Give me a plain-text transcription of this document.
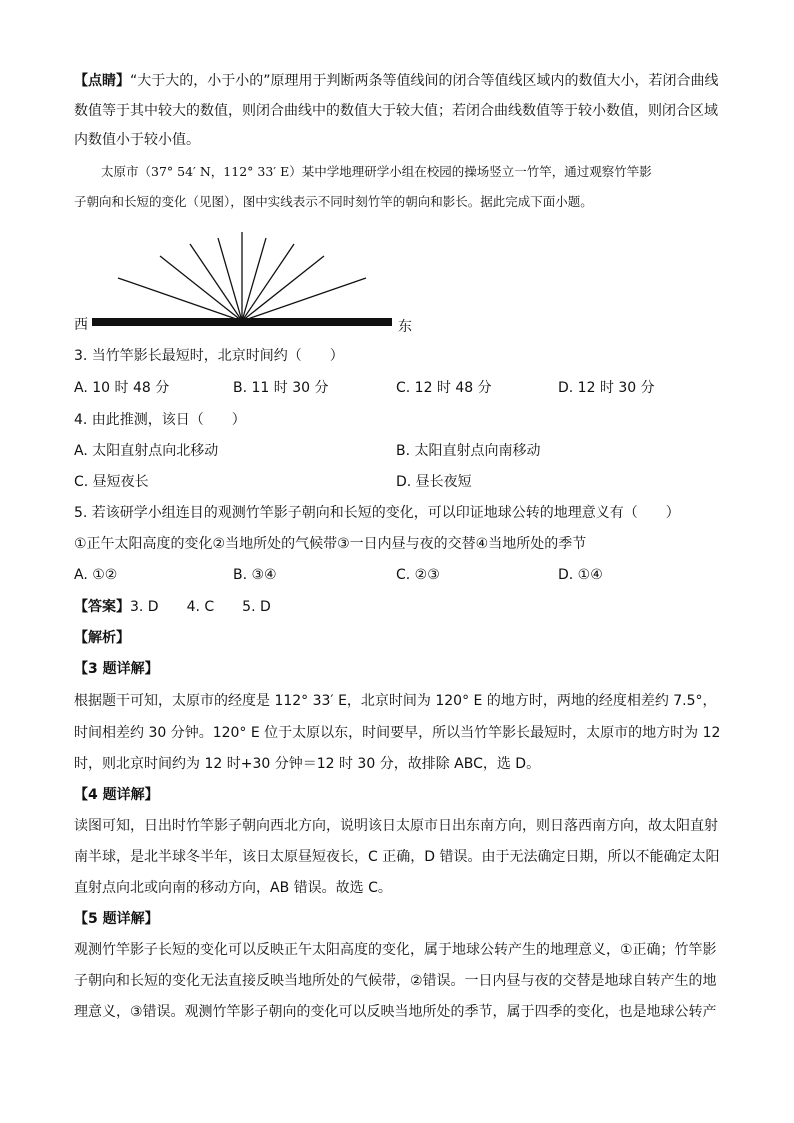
【点睛】“大于大的，小于小的”原理用于判断两条等值线间的闭合等值线区域内的数值大小，若闭合曲线
数值等于其中较大的数值，则闭合曲线中的数值大于较大值；若闭合曲线数值等于较小数值，则闭合区域
内数值小于较小值。
太原市（37° 54′ N，112° 33′ E）某中学地理研学小组在校园的操场竖立一竹竿，通过观察竹竿影
子朝向和长短的变化（见图），图中实线表示不同时刻竹竿的朝向和影长。据此完成下面小题。
西	东
3. 当竹竿影长最短时，北京时间约（　　）
A. 10 时 48 分	B. 11 时 30 分	C. 12 时 48 分	D. 12 时 30 分
4. 由此推测，该日（　　）
A. 太阳直射点向北移动	B. 太阳直射点向南移动
C. 昼短夜长	D. 昼长夜短
5. 若该研学小组连目的观测竹竿影子朝向和长短的变化，可以印证地球公转的地理意义有（　　）
①正午太阳高度的变化②当地所处的气候带③一日内昼与夜的交替④当地所处的季节
A. ①②	B. ③④	C. ②③	D. ①④
【答案】3. D　　4. C　　5. D
【解析】
【3 题详解】
根据题干可知，太原市的经度是 112° 33′ E，北京时间为 120° E 的地方时，两地的经度相差约 7.5°，
时间相差约 30 分钟。120° E 位于太原以东，时间要早，所以当竹竿影长最短时，太原市的地方时为 12
时，则北京时间约为 12 时+30 分钟＝12 时 30 分，故排除 ABC，选 D。
【4 题详解】
读图可知，日出时竹竿影子朝向西北方向，说明该日太原市日出东南方向，则日落西南方向，故太阳直射
南半球，是北半球冬半年，该日太原昼短夜长，C 正确，D 错误。由于无法确定日期，所以不能确定太阳
直射点向北或向南的移动方向，AB 错误。故选 C。
【5 题详解】
观测竹竿影子长短的变化可以反映正午太阳高度的变化，属于地球公转产生的地理意义，①正确；竹竿影
子朝向和长短的变化无法直接反映当地所处的气候带，②错误。一日内昼与夜的交替是地球自转产生的地
理意义，③错误。观测竹竿影子朝向的变化可以反映当地所处的季节，属于四季的变化，也是地球公转产
